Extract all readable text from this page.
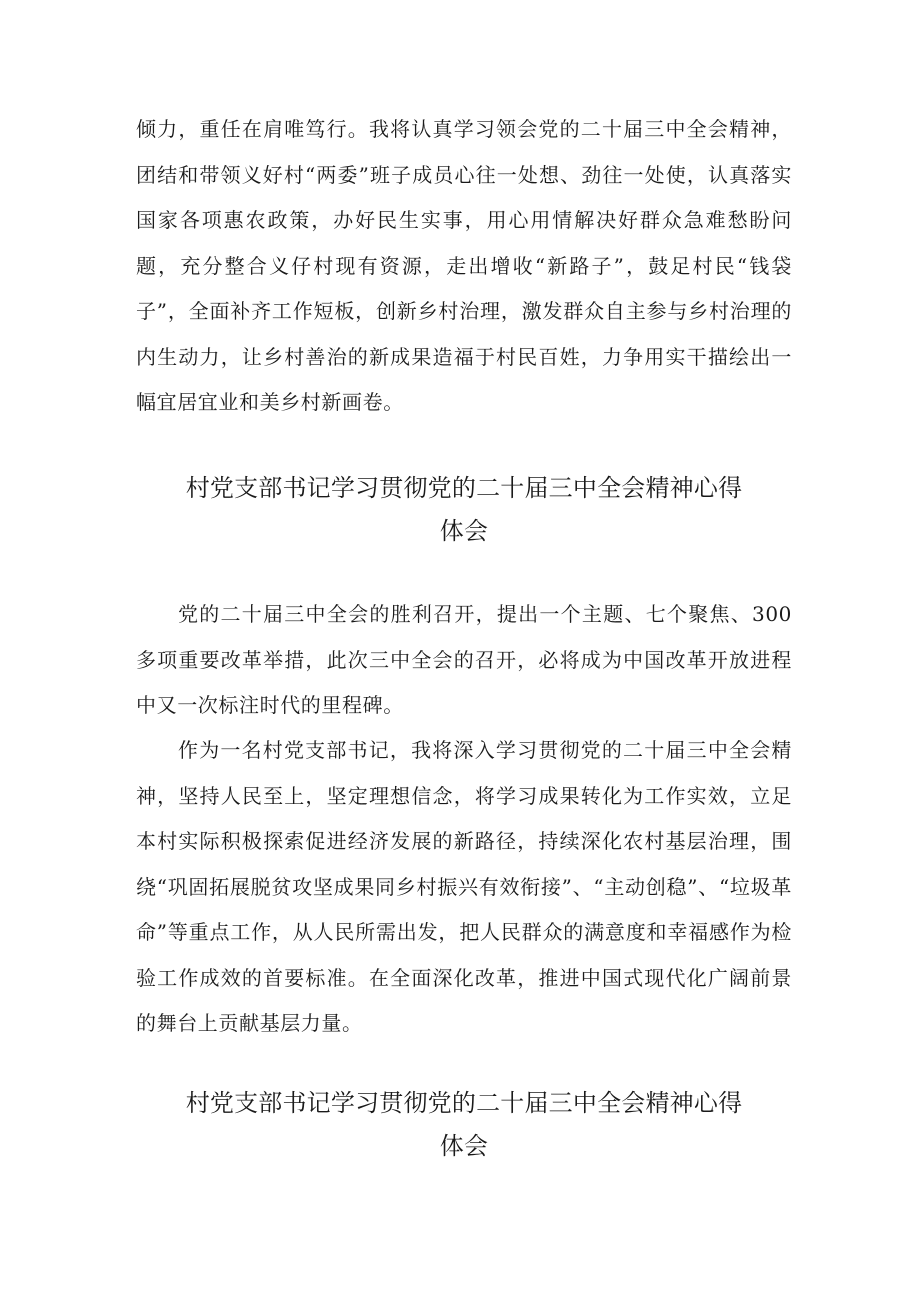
倾力，重任在肩唯笃行。我将认真学习领会党的二十届三中全会精神，团结和带领义好村“两委”班子成员心往一处想、劲往一处使，认真落实国家各项惠农政策，办好民生实事，用心用情解决好群众急难愁盼问题，充分整合义仔村现有资源，走出增收“新路子”，鼓足村民“钱袋子”，全面补齐工作短板，创新乡村治理，激发群众自主参与乡村治理的内生动力，让乡村善治的新成果造福于村民百姓，力争用实干描绘出一幅宜居宜业和美乡村新画卷。

村党支部书记学习贯彻党的二十届三中全会精神心得
体会

党的二十届三中全会的胜利召开，提出一个主题、七个聚焦、300多项重要改革举措，此次三中全会的召开，必将成为中国改革开放进程中又一次标注时代的里程碑。

作为一名村党支部书记，我将深入学习贯彻党的二十届三中全会精神，坚持人民至上，坚定理想信念，将学习成果转化为工作实效，立足本村实际积极探索促进经济发展的新路径，持续深化农村基层治理，围绕“巩固拓展脱贫攻坚成果同乡村振兴有效衔接”、“主动创稳”、“垃圾革命”等重点工作，从人民所需出发，把人民群众的满意度和幸福感作为检验工作成效的首要标准。在全面深化改革，推进中国式现代化广阔前景的舞台上贡献基层力量。

村党支部书记学习贯彻党的二十届三中全会精神心得
体会
